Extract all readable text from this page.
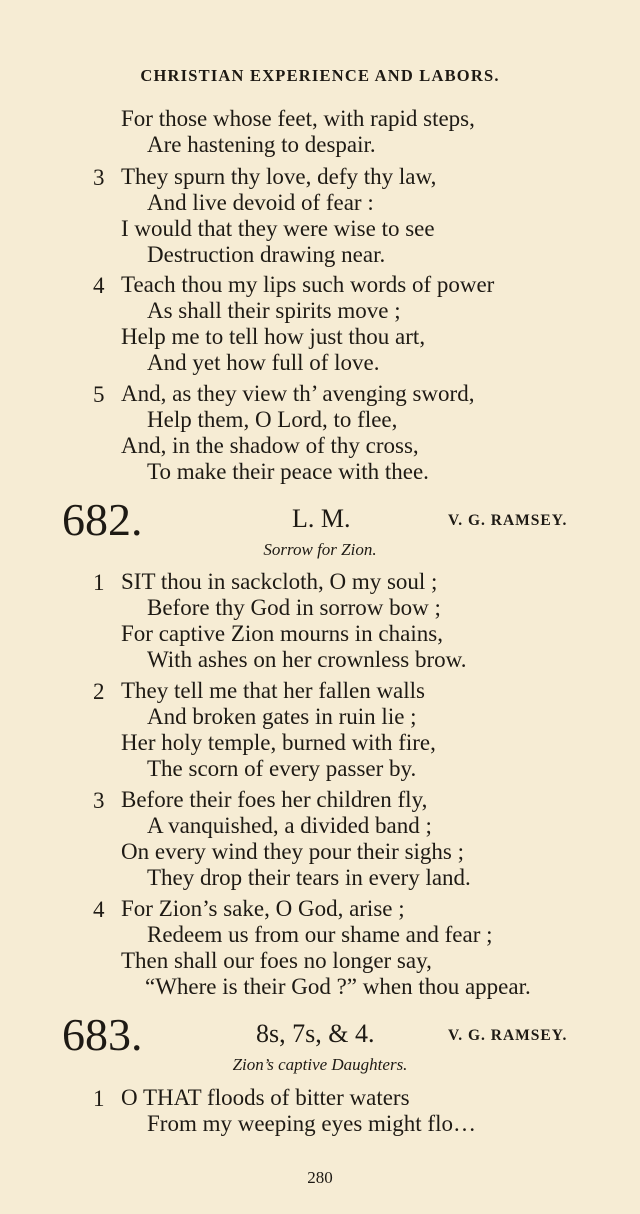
CHRISTIAN EXPERIENCE AND LABORS.
For those whose feet, with rapid steps,
Are hastening to despair.
3 They spurn thy love, defy thy law,
And live devoid of fear :
I would that they were wise to see
Destruction drawing near.
4 Teach thou my lips such words of power
As shall their spirits move ;
Help me to tell how just thou art,
And yet how full of love.
5 And, as they view th’ avenging sword,
Help them, O Lord, to flee,
And, in the shadow of thy cross,
To make their peace with thee.
682.	L. M.	V. G. RAMSEY.
Sorrow for Zion.
1 SIT thou in sackcloth, O my soul ;
Before thy God in sorrow bow ;
For captive Zion mourns in chains,
With ashes on her crownless brow.
2 They tell me that her fallen walls
And broken gates in ruin lie ;
Her holy temple, burned with fire,
The scorn of every passer by.
3 Before their foes her children fly,
A vanquished, a divided band ;
On every wind they pour their sighs ;
They drop their tears in every land.
4 For Zion’s sake, O God, arise ;
Redeem us from our shame and fear ;
Then shall our foes no longer say,
“Where is their God ?” when thou appear.
683.	8s, 7s, & 4.	V. G. RAMSEY.
Zion’s captive Daughters.
1 O THAT floods of bitter waters
From my weeping eyes might flo…
280
